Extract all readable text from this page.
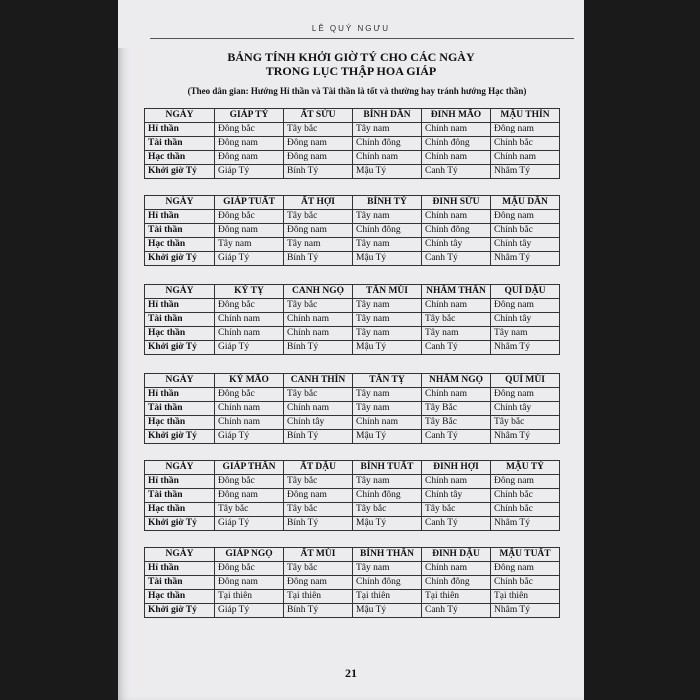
LÊ QUÝ NGƯU
BẢNG TÍNH KHỞI GIỜ TÝ CHO CÁC NGÀY
TRONG LỤC THẬP HOA GIÁP
(Theo dân gian: Hướng Hỉ thần và Tài thần là tốt và thường hay tránh hướng Hạc thần)
NGÀY	GIÁP TÝ	ẤT SỬU	BÍNH DẦN	ĐINH MÃO	MẬU THÌN
Hỉ thần	Đông bắc	Tây bắc	Tây nam	Chính nam	Đông nam
Tài thần	Đông nam	Đông nam	Chính đông	Chính đông	Chính bắc
Hạc thần	Đông nam	Đông nam	Chính nam	Chính nam	Chính nam
Khởi giờ Tý	Giáp Tý	Bính Tý	Mậu Tý	Canh Tý	Nhâm Tý
NGÀY	GIÁP TUẤT	ẤT HỢI	BÍNH TÝ	ĐINH SỬU	MẬU DẦN
Hỉ thần	Đông bắc	Tây bắc	Tây nam	Chính nam	Đông nam
Tài thần	Đông nam	Đông nam	Chính đông	Chính đông	Chính bắc
Hạc thần	Tây nam	Tây nam	Tây nam	Chính tây	Chính tây
Khởi giờ Tý	Giáp Tý	Bính Tý	Mậu Tý	Canh Tý	Nhâm Tý
NGÀY	KỶ TỴ	CANH NGỌ	TÂN MÙI	NHÂM THÂN	QUÍ DẬU
Hỉ thần	Đông bắc	Tây bắc	Tây nam	Chính nam	Đông nam
Tài thần	Chính nam	Chính nam	Tây nam	Tây bắc	Chính tây
Hạc thần	Chính nam	Chính nam	Tây nam	Tây nam	Tây nam
Khởi giờ Tý	Giáp Tý	Bính Tý	Mậu Tý	Canh Tý	Nhâm Tý
NGÀY	KỶ MÃO	CANH THÌN	TÂN TỴ	NHÂM NGỌ	QUÍ MÙI
Hỉ thần	Đông bắc	Tây bắc	Tây nam	Chính nam	Đông nam
Tài thần	Chính nam	Chính nam	Tây nam	Tây Bắc	Chính tây
Hạc thần	Chính nam	Chính tây	Chính nam	Tây Bắc	Tây bắc
Khởi giờ Tý	Giáp Tý	Bính Tý	Mậu Tý	Canh Tý	Nhâm Tý
NGÀY	GIÁP THÂN	ẤT DẬU	BÍNH TUẤT	ĐINH HỢI	MẬU TÝ
Hỉ thần	Đông bắc	Tây bắc	Tây nam	Chính nam	Đông nam
Tài thần	Đông nam	Đông nam	Chính đông	Chính tây	Chính bắc
Hạc thần	Tây bắc	Tây bắc	Tây bắc	Tây bắc	Chính bắc
Khởi giờ Tý	Giáp Tý	Bính Tý	Mậu Tý	Canh Tý	Nhâm Tý
NGÀY	GIÁP NGỌ	ẤT MÙI	BÍNH THÂN	ĐINH DẬU	MẬU TUẤT
Hỉ thần	Đông bắc	Tây bắc	Tây nam	Chính nam	Đông nam
Tài thần	Đông nam	Đông nam	Chính đông	Chính đông	Chính bắc
Hạc thần	Tại thiên	Tại thiên	Tại thiên	Tại thiên	Tại thiên
Khởi giờ Tý	Giáp Tý	Bính Tý	Mậu Tý	Canh Tý	Nhâm Tý
21
